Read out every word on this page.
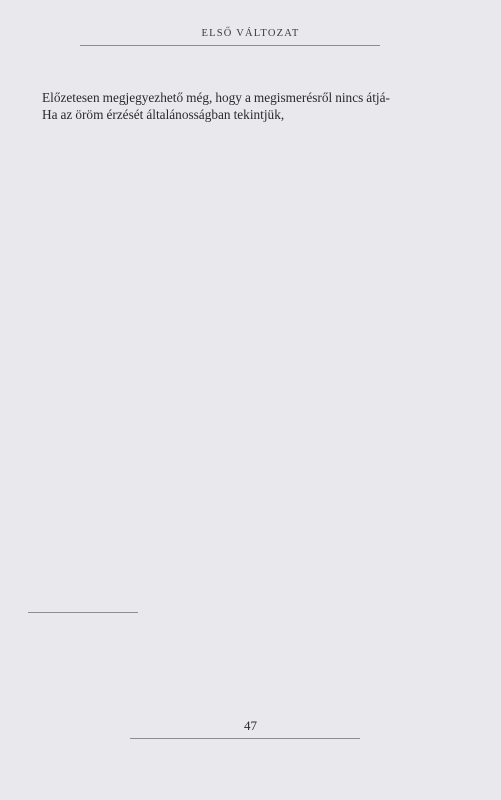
ELSŐ VÁLTOZAT

Előzetesen megjegyezhető még, hogy a megismerésről nincs átjá-

Ha az öröm érzését általánosságban tekintjük,

47
